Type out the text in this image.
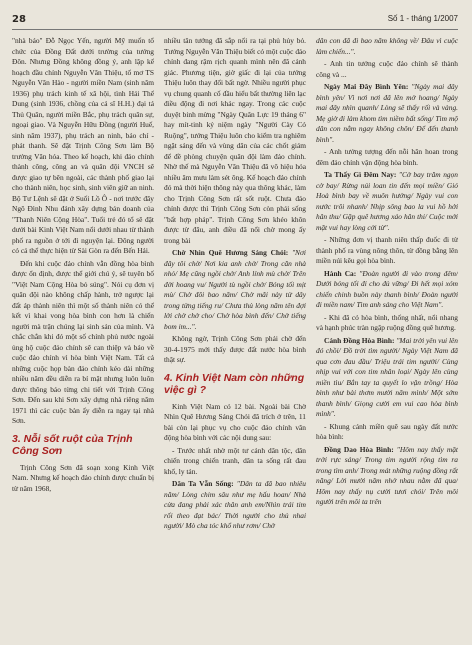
28	Số 1 - tháng 1/2007

"nhà báo" Đỗ Ngọc Yến, người Mỹ muốn tổ chức của Đồng Đất dưới trường của tướng Đôn. Nhưng Đồng không đồng ý, anh lập kế hoạch đầu chính Nguyễn Văn Thiệu, tổ mơ TS Nguyễn Văn Hào - người miền Nam (sinh năm 1936) phụ trách kinh tế xã hội, tình Hải Thế Dung (sinh 1936, chồng của cá sĩ H.H.) đại tá Thủ Quân, người miền Bắc, phụ trách quân sự, ngoại giao. Và Nguyễn Hữu Đồng (người Huế, sinh năm 1937), phụ trách an ninh, báo chí - phát thanh. Sẽ đặt Trịnh Công Sơn làm Bộ trưởng Văn hóa. Theo kế hoạch, khi đảo chính thành công, công an và quân đội VNCH sẽ được giao tự bên ngoài, các thành phố giao lại cho thành niên, học sinh, sinh viên giữ an ninh. Bộ Tư Lệnh sẽ đặt ở Suối Lồ Ô - nơi trước đây Ngô Đình Nhu đánh xây dựng bản doanh của "Thanh Niên Cộng Hòa". Tuổi trẻ đó tổ sẽ đặt dưới bài Kinh Việt Nam nổi dưới nhau từ thành phố ra nguồn ở tới đi nguyện lại. Đông người có cả thể thực hiện từ Sài Gòn ra đến Bến Hải.

Đến khi cuộc đảo chính vẫn đồng hòa bình được ổn định, được thể giới chú ý, sẽ tuyên bố "Việt Nam Cộng Hòa bỏ súng". Nói cụ đơn vị quân đội nào không chấp hành, trở ngược lại đất áp thành niên thì một số thành niên có thể kết vì khai vong hòa bình con hơn là chiến người mà trận chúng lại sinh sản của mình. Và chắc chắn khi đó một số chính phủ nước ngoài ủng hộ cuộc đảo chính sẽ can thiệp và báo về cuộc đảo chính vì hòa bình Việt Nam. Tất cả những cuộc họp bàn đảo chính kéo dài những nhiều năm đều diễn ra bí mật nhưng luôn luôn được thông báo từng chi tiết với Trịnh Công Sơn. Đến sau khi Sơn xây dựng nhà riêng năm 1971 thì các cuộc bàn ấy diễn ra ngay tại nhà Sơn.

3. Nỗi sốt ruột của Trịnh Công Sơn

Trịnh Công Sơn đã soạn xong Kinh Việt Nam. Nhưng kế hoạch đảo chính được chuẩn bị từ năm 1968,

nhiều tân tướng đã sắp nổi ra tại phủ hủy bỏ. Tướng Nguyễn Văn Thiệu biết có một cuộc đảo chính đang rậm rịch quanh mình nên đã cảnh giác. Phương tiện, giờ giấc đi lại của tướng Thiệu luôn thay đổi bất ngờ. Nhiều người phục vụ chung quanh cố đầu hiểu bất thường liên lạc điều động đi nơi khác ngay. Trong các cuộc duyệt binh mừng "Ngày Quân Lực 19 tháng 6" hay mít-tinh kỷ niệm ngày "Người Cày Có Ruộng", tướng Thiệu luôn cho kiểm tra nghiêm ngặt sáng đến và vùng dân của các chốt giám để đề phòng chuyện quân đội làm đảo chính. Nhờ thế mà Nguyễn Văn Thiệu đã vô hiệu hóa nhiều âm mưu làm sét ông. Kế hoạch đảo chính đó mà thời hiện thông này qua thông khác, làm cho Trịnh Công Sơn rất sốt ruột. Chưa đảo chính được thì Trịnh Công Sơn còn phải sống "bất hợp pháp". Trịnh Công Sơn khéo khôn được từ đâu, anh điều đã nổi chờ mong ấy trong bài

Chờ Nhìn Quê Hương Sáng Chói: "Nơi đây tôi chờ/ Nơi kia anh chờ/ Trong căn nhà nhỏ/ Mẹ cũng ngồi chờ/ Anh lính mù chờ/ Trên đời hoang vu/ Người tù ngồi chờ/ Bóng tối mịt mù/ Chờ đôi bao năm/ Chờ mãi này từ dây trong từng tiếng ru/ Chưa thủ lòng năm tên đợi lời chờ chờ cho/ Chờ hòa bình đến/ Chờ tiếng bom im...".

Không ngờ, Trịnh Công Sơn phải chờ đến 30-4-1975 mới thấy được đất nước hòa bình thật sự.

4. Kinh Việt Nam còn những việc gì ?

Kinh Việt Nam có 12 bài. Ngoài bài Chờ Nhìn Quê Hương Sáng Chói đã trích ở trên, 11 bài còn lại phục vụ cho cuộc đảo chính vãn động hòa bình với các nội dung sau:

- Trước nhất nhờ một tư cảnh dân tộc, dân chiến trong chiến tranh, dân ta sống rất đau khổ, ly tán.

Dân Ta Vẫn Sống: "Dân ta đã bao nhiêu năm/ Lòng chim sâu như mẹ hấu hoan/ Nhà cửa đang phải xác thân anh em/Nhìn trái tim rối theo đạt bác/ Thời người cho thủ nhai người/ Mò cha tóc khổ như rơm/ Chờ

dân con đã đi bao năm không về/ Đâu vì cuộc làm chiến...".

- Anh tin tưởng cuộc đảo chính sẽ thành công và ...

Ngày Mai Đây Bình Yên: "Ngày mai đây bình yên/ Vì nơi nơi đã lên mở hoang/ Ngày mai đây nhìn quanh/ Lòng sẽ thấy rối và vàng. Mẹ giờ đi làm khom tìm niềm bất sống/ Tìm mộ dân con nằm ngay không chôn/ Để đến thanh bình".

- Anh tưởng tượng đến nỗi hân hoan trong đêm đảo chính vận động hòa bình.

Ta Thấy Gì Đêm Nay: "Cờ bay trăm ngọn cờ bay/ Rừng núi loan tin đến mọi miền/ Gió Hoà bình bay về muôn hướng/ Ngày vui con nước trôi nhanh/ Nhịp sông bao la vui hồ hởi hân thu/ Gặp quê hương xáo hân thi/ Cuộc mới mặt vui hay lòng cởi từ".

- Những đơn vị thanh niên thấp đuốc đi từ thành phố ra vùng nông thôn, từ đồng bằng lên miền núi kêu gọi hòa bình.

Hành Ca: "Đoàn người đi vào trong đêm/ Dưới bóng tối đi cho đủ vững/ Đi hết mọi xóm chiến chinh buồn này thanh bình/ Đoàn người đi miền nam/ Tìm anh sáng cho Việt Nam".

- Khi đã có hòa bình, thống nhất, nổi nhang và hạnh phúc tràn ngập ruộng đồng quê hương.

Cánh Đồng Hòa Bình: "Mai trời yên vui lên đó chồi/ Đồ trời tìm người/ Ngày Việt Nam đã qua cơn đau đầu/ Triệu trái tim người/ Cùng nhịp vui với con tim nhân loại/ Ngày lên cùng miền tìu/ Bắn tay ta quyết lo vận trồng/ Hòa bình như bài thơm mười năm mình/ Một sớm thanh bình/ Giọng cười em vui cao hòa bình mình".

- Khung cảnh miền quê sau ngày đất nước hòa bình:

Đồng Dao Hòa Bình: "Hôm nay thấy mặt trời rực sáng/ Trong tim người rộng tìm ra trong tìm anh/ Trong mát những ruộng đồng rất năng/ Lời mười năm nhớ nhau nằm đã qua/ Hôm nay thấy nụ cười tươi chói/ Trên môi người trên môi ta trên
